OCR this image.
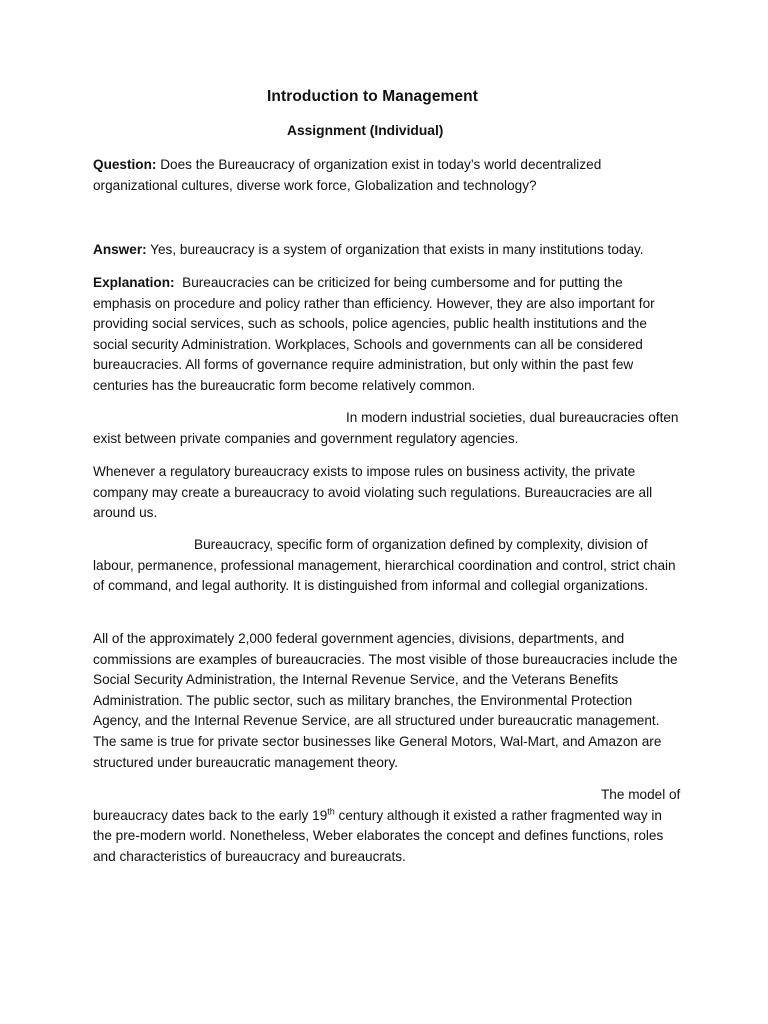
Introduction to Management
Assignment (Individual)
Question: Does the Bureaucracy of organization exist in today’s world decentralized organizational cultures, diverse work force, Globalization and technology?
Answer: Yes, bureaucracy is a system of organization that exists in many institutions today.
Explanation:  Bureaucracies can be criticized for being cumbersome and for putting the emphasis on procedure and policy rather than efficiency. However, they are also important for providing social services, such as schools, police agencies, public health institutions and the social security Administration. Workplaces, Schools and governments can all be considered bureaucracies. All forms of governance require administration, but only within the past few centuries has the bureaucratic form become relatively common.
In modern industrial societies, dual bureaucracies often exist between private companies and government regulatory agencies.
Whenever a regulatory bureaucracy exists to impose rules on business activity, the private company may create a bureaucracy to avoid violating such regulations. Bureaucracies are all around us.
Bureaucracy, specific form of organization defined by complexity, division of labour, permanence, professional management, hierarchical coordination and control, strict chain of command, and legal authority. It is distinguished from informal and collegial organizations.
All of the approximately 2,000 federal government agencies, divisions, departments, and commissions are examples of bureaucracies. The most visible of those bureaucracies include the Social Security Administration, the Internal Revenue Service, and the Veterans Benefits Administration. The public sector, such as military branches, the Environmental Protection Agency, and the Internal Revenue Service, are all structured under bureaucratic management. The same is true for private sector businesses like General Motors, Wal-Mart, and Amazon are structured under bureaucratic management theory.
The model of bureaucracy dates back to the early 19th century although it existed a rather fragmented way in the pre-modern world. Nonetheless, Weber elaborates the concept and defines functions, roles and characteristics of bureaucracy and bureaucrats.
